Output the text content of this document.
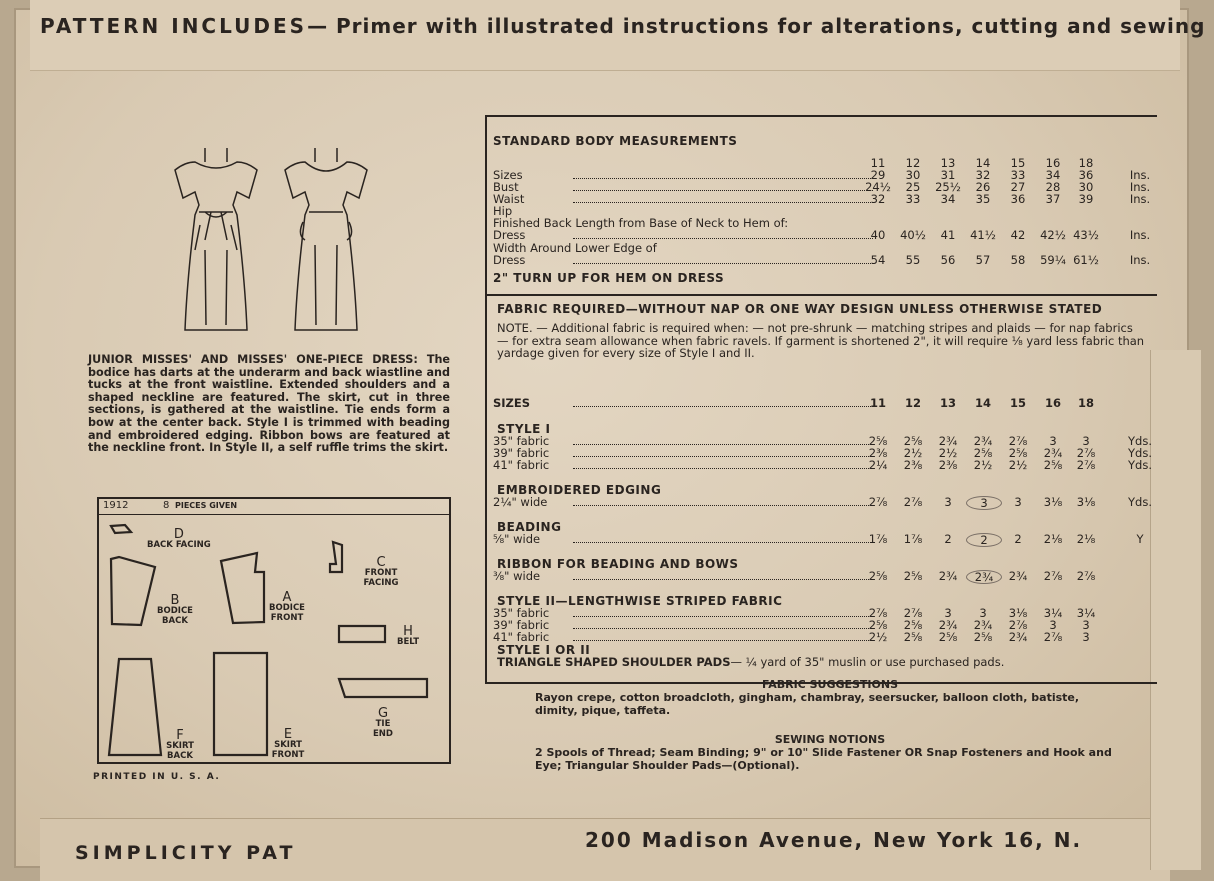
PATTERN INCLUDES— Primer with illustrated instructions for alterations, cutting and sewing
JUNIOR MISSES' AND MISSES' ONE-PIECE DRESS: The bodice has darts at the underarm and back wiastline and tucks at the front waistline. Extended shoulders and a shaped neckline are featured. The skirt, cut in three sections, is gathered at the waistline. Tie ends form a bow at the center back. Style I is trimmed with beading and embroidered edging. Ribbon bows are featured at the neckline front. In Style II, a self ruffle trims the skirt.
1912	8 PIECES GIVEN
D
BACK FACING
C
FRONT FACING
B
BODICE BACK
A
BODICE FRONT
H
BELT
F
SKIRT BACK
E
SKIRT FRONT
G
TIE END
PRINTED IN U. S. A.
STANDARD BODY MEASUREMENTS
11	12	13	14	15	16	18
Sizes	29	30	31	32	33	34	36	Ins.
Bust	24½	25	25½	26	27	28	30	Ins.
Waist	32	33	34	35	36	37	39	Ins.
Hip
Finished Back Length from Base of Neck to Hem of:
Dress	40	40½	41	41½	42	42½ 43½	Ins.
Width Around Lower Edge of
Dress	54	55	56	57	58	59¼ 61½	Ins.
2" TURN UP FOR HEM ON DRESS
FABRIC REQUIRED—WITHOUT NAP OR ONE WAY DESIGN UNLESS OTHERWISE STATED
NOTE. — Additional fabric is required when: — not pre-shrunk — matching stripes and plaids — for nap fabrics — for extra seam allowance when fabric ravels. If garment is shortened 2", it will require ⅛ yard less fabric than yardage given for every size of Style I and II.
SIZES	11	12	13	14	15	16	18
STYLE I
35" fabric	2⅝	2⅝	2¾	2¾	2⅞	3	3	Yds.
39" fabric	2⅜	2½	2½	2⅝	2⅝	2¾	2⅞	Yds.
41" fabric	2¼	2⅜	2⅜	2½	2½	2⅝	2⅞	Yds.
EMBROIDERED EDGING
2¼" wide	2⅞	2⅞	3	3	3	3⅛	3⅛	Yds.
BEADING
⅝" wide	1⅞	1⅞	2	2	2	2⅛	2⅛	Y
RIBBON FOR BEADING AND BOWS
⅜" wide	2⅝	2⅝	2¾	2¾	2¾	2⅞	2⅞
STYLE II—LENGTHWISE STRIPED FABRIC
35" fabric	2⅞	2⅞	3	3	3⅛	3¼	3¼
39" fabric	2⅝	2⅝	2¾	2¾	2⅞	3	3
41" fabric	2½	2⅝	2⅝	2⅝	2¾	2⅞	3
STYLE I OR II
TRIANGLE SHAPED SHOULDER PADS— ¼ yard of 35" muslin or use purchased pads.
FABRIC SUGGESTIONS
Rayon crepe, cotton broadcloth, gingham, chambray, seersucker, balloon cloth, batiste, dimity, pique, taffeta.
SEWING NOTIONS
2 Spools of Thread; Seam Binding; 9" or 10" Slide Fastener OR Snap Fosteners and Hook and Eye; Triangular Shoulder Pads—(Optional).
SIMPLICITY PAT
200 Madison Avenue, New York 16, N.
